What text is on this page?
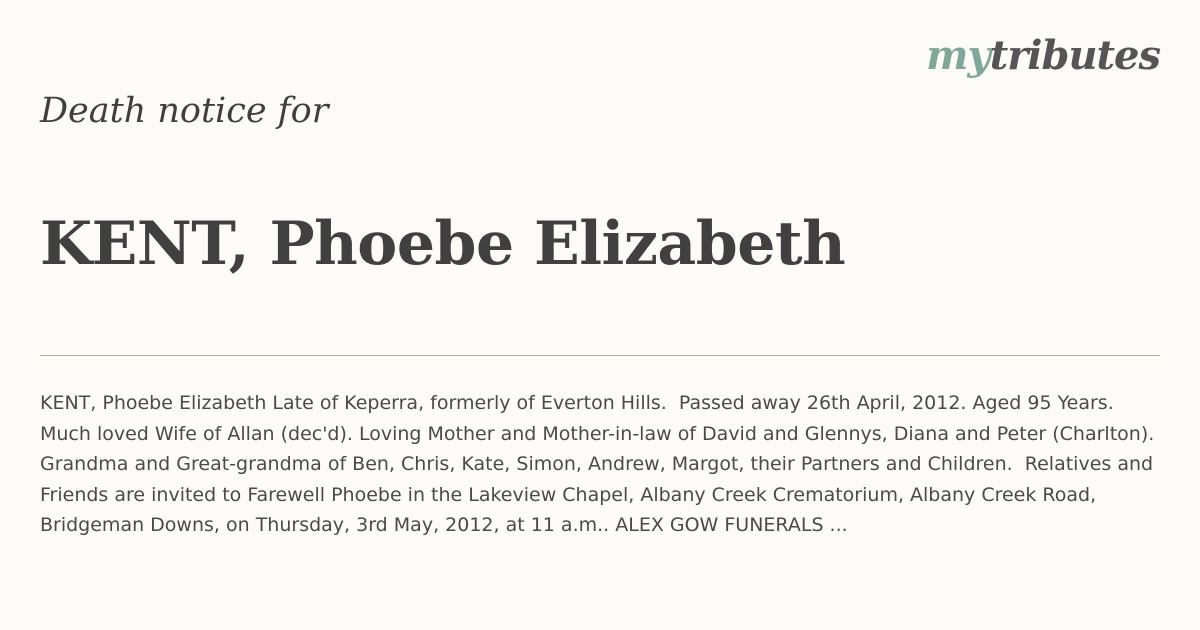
mytributes
Death notice for
KENT, Phoebe Elizabeth

KENT, Phoebe Elizabeth Late of Keperra, formerly of Everton Hills.  Passed away 26th April, 2012. Aged 95 Years.  Much loved Wife of Allan (dec'd). Loving Mother and Mother-in-law of David and Glennys, Diana and Peter (Charlton). Grandma and Great-grandma of Ben, Chris, Kate, Simon, Andrew, Margot, their Partners and Children.  Relatives and Friends are invited to Farewell Phoebe in the Lakeview Chapel, Albany Creek Crematorium, Albany Creek Road, Bridgeman Downs, on Thursday, 3rd May, 2012, at 11 a.m.. ALEX GOW FUNERALS ...
